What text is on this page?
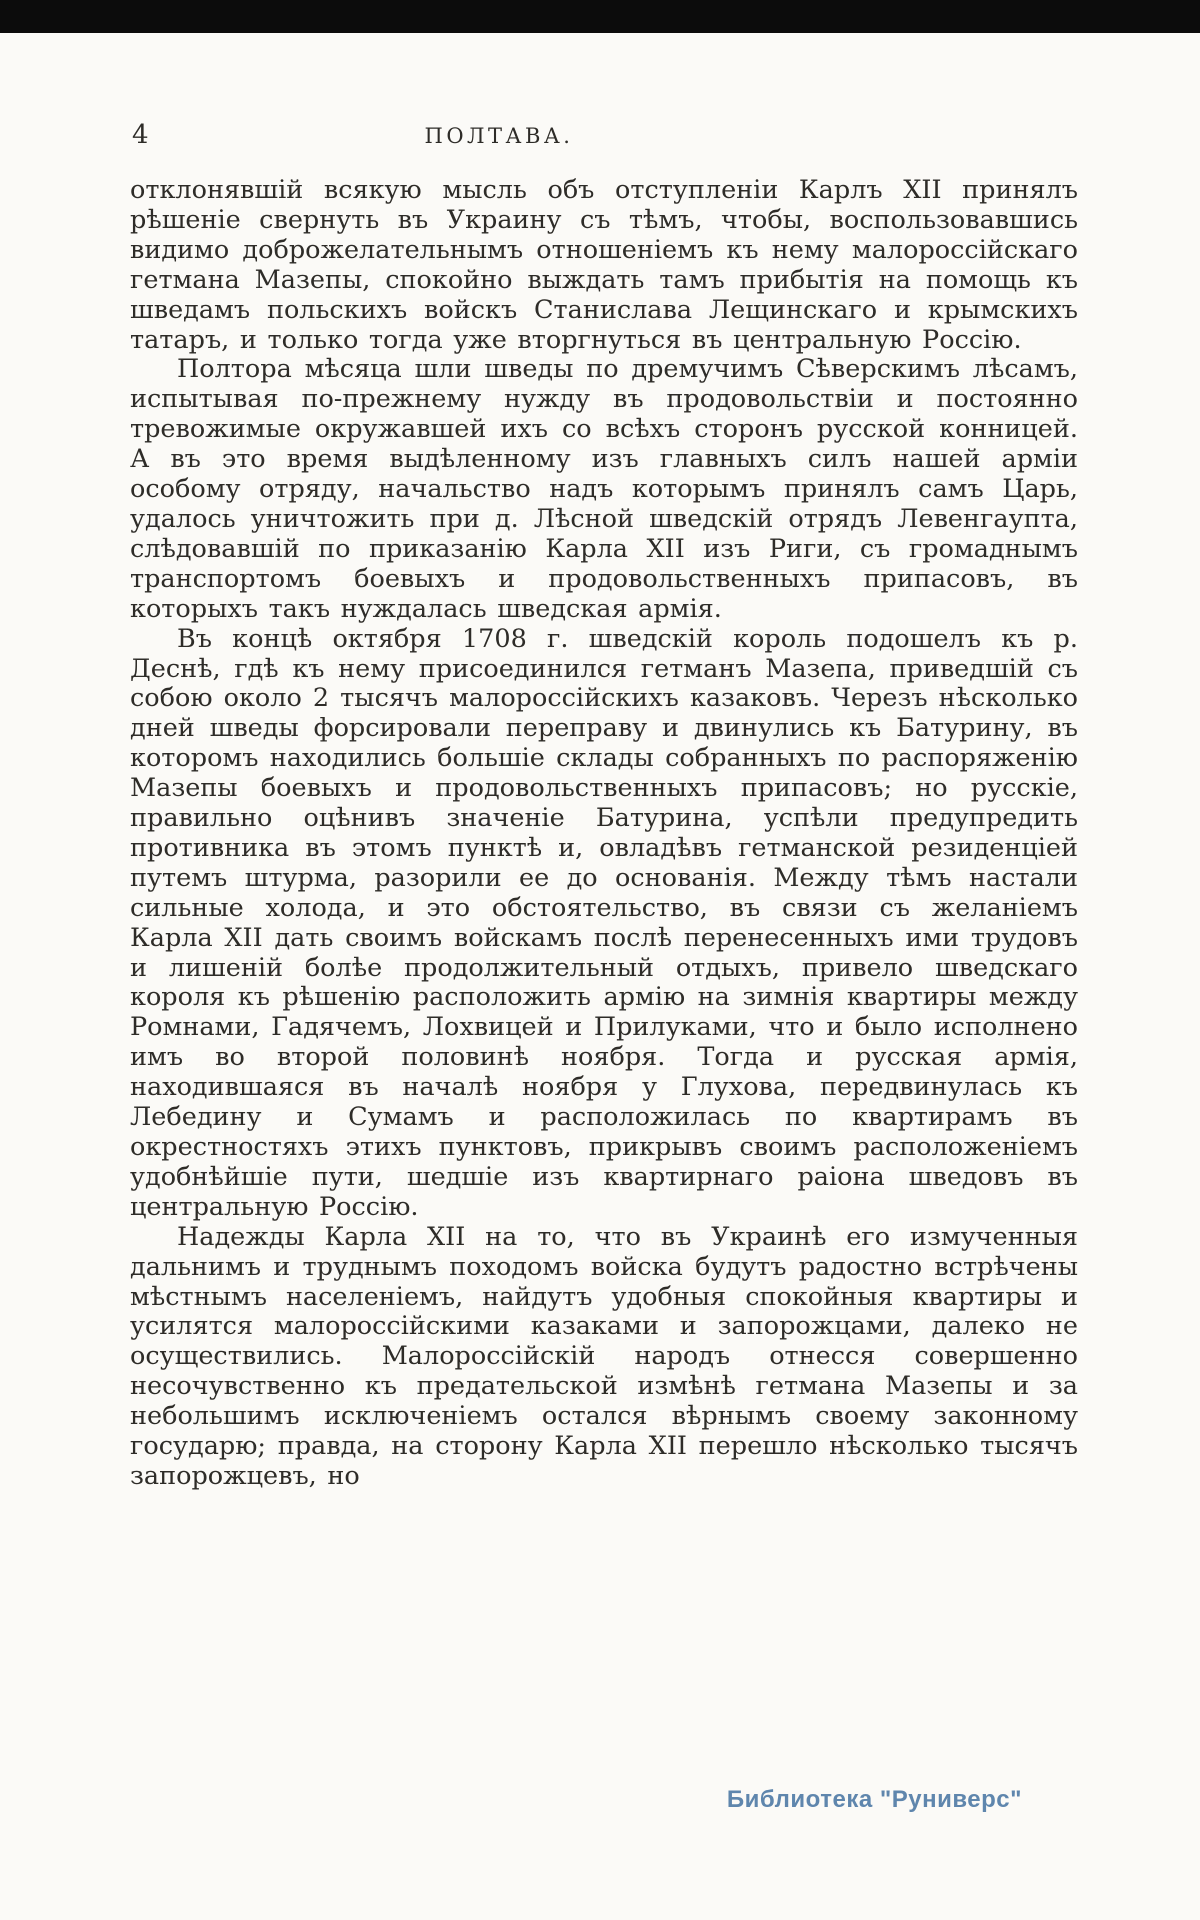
4	ПОЛТАВА.

отклонявшій всякую мысль объ отступленіи Карлъ XII принялъ рѣшеніе свернуть въ Украину съ тѣмъ, чтобы, воспользовавшись видимо доброжелательнымъ отношеніемъ къ нему малороссійскаго гетмана Мазепы, спокойно выждать тамъ прибытія на помощь къ шведамъ польскихъ войскъ Станислава Лещинскаго и крымскихъ татаръ, и только тогда уже вторгнуться въ центральную Россію.

Полтора мѣсяца шли шведы по дремучимъ Сѣверскимъ лѣсамъ, испытывая по-прежнему нужду въ продовольствіи и постоянно тревожимые окружавшей ихъ со всѣхъ сторонъ русской конницей. А въ это время выдѣленному изъ главныхъ силъ нашей арміи особому отряду, начальство надъ которымъ принялъ самъ Царь, удалось уничтожить при д. Лѣсной шведскій отрядъ Левенгаупта, слѣдовавшій по приказанію Карла XII изъ Риги, съ громаднымъ транспортомъ боевыхъ и продовольственныхъ припасовъ, въ которыхъ такъ нуждалась шведская армія.

Въ концѣ октября 1708 г. шведскій король подошелъ къ р. Деснѣ, гдѣ къ нему присоединился гетманъ Мазепа, приведшій съ собою около 2 тысячъ малороссійскихъ казаковъ. Черезъ нѣсколько дней шведы форсировали переправу и двинулись къ Батурину, въ которомъ находились большіе склады собранныхъ по распоряженію Мазепы боевыхъ и продовольственныхъ припасовъ; но русскіе, правильно оцѣнивъ значеніе Батурина, успѣли предупредить противника въ этомъ пунктѣ и, овладѣвъ гетманской резиденціей путемъ штурма, разорили ее до основанія. Между тѣмъ настали сильные холода, и это обстоятельство, въ связи съ желаніемъ Карла XII дать своимъ войскамъ послѣ перенесенныхъ ими трудовъ и лишеній болѣе продолжительный отдыхъ, привело шведскаго короля къ рѣшенію расположить армію на зимнія квартиры между Ромнами, Гадячемъ, Лохвицей и Прилуками, что и было исполнено имъ во второй половинѣ ноября. Тогда и русская армія, находившаяся въ началѣ ноября у Глухова, передвинулась къ Лебедину и Сумамъ и расположилась по квартирамъ въ окрестностяхъ этихъ пунктовъ, прикрывъ своимъ расположеніемъ удобнѣйшіе пути, шедшіе изъ квартирнаго раіона шведовъ въ центральную Россію.

Надежды Карла XII на то, что въ Украинѣ его измученныя дальнимъ и труднымъ походомъ войска будутъ радостно встрѣчены мѣстнымъ населеніемъ, найдутъ удобныя спокойныя квартиры и усилятся малороссійскими казаками и запорожцами, далеко не осуществились. Малороссійскій народъ отнесся совершенно несочувственно къ предательской измѣнѣ гетмана Мазепы и за небольшимъ исключеніемъ остался вѣрнымъ своему законному государю; правда, на сторону Карла XII перешло нѣсколько тысячъ запорожцевъ, но

Библиотека "Руниверс"
